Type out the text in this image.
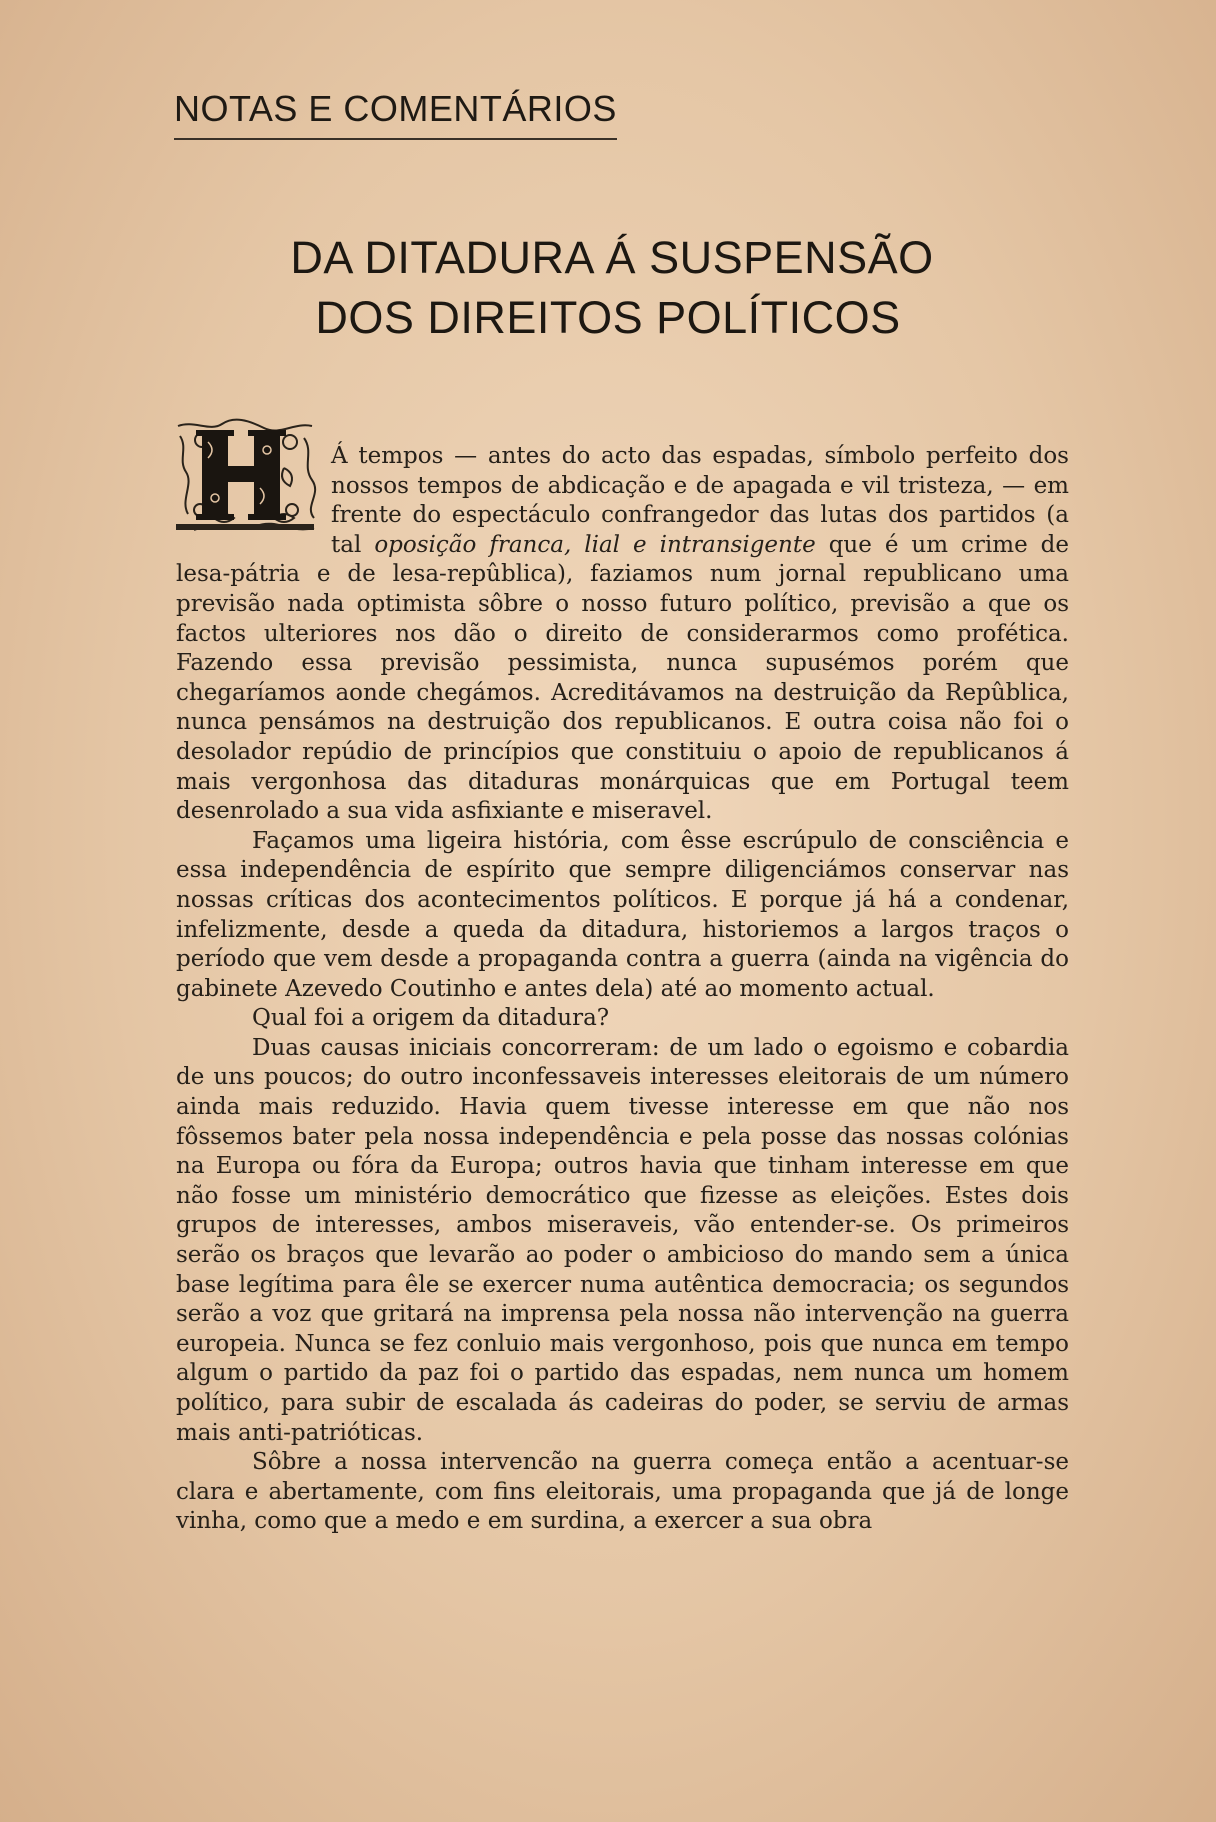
NOTAS E COMENTÁRIOS
DA DITADURA Á SUSPENSÃO
DOS DIREITOS POLÍTICOS

Á tempos — antes do acto das espadas, símbolo perfeito dos nossos tempos de abdicação e de apagada e vil tristeza, — em frente do espectáculo confrangedor das lutas dos partidos (a tal oposição franca, lial e intransigente que é um crime de lesa-pátria e de lesa-repûblica), faziamos num jornal republicano uma previsão nada optimista sôbre o nosso futuro político, previsão a que os factos ulteriores nos dão o direito de considerarmos como profética. Fazendo essa previsão pessimista, nunca supusémos porém que chegaríamos aonde chegámos. Acreditávamos na destruição da Repûblica, nunca pensámos na destruição dos republicanos. E outra coisa não foi o desolador repúdio de princípios que constituiu o apoio de republicanos á mais vergonhosa das ditaduras monárquicas que em Portugal teem desenrolado a sua vida asfixiante e miseravel.

Façamos uma ligeira história, com êsse escrúpulo de consciência e essa independência de espírito que sempre diligenciámos conservar nas nossas críticas dos acontecimentos políticos. E porque já há a condenar, infelizmente, desde a queda da ditadura, historiemos a largos traços o período que vem desde a propaganda contra a guerra (ainda na vigência do gabinete Azevedo Coutinho e antes dela) até ao momento actual.

Qual foi a origem da ditadura?

Duas causas iniciais concorreram: de um lado o egoismo e cobardia de uns poucos; do outro inconfessaveis interesses eleitorais de um número ainda mais reduzido. Havia quem tivesse interesse em que não nos fôssemos bater pela nossa independência e pela posse das nossas colónias na Europa ou fóra da Europa; outros havia que tinham interesse em que não fosse um ministério democrático que fizesse as eleições. Estes dois grupos de interesses, ambos miseraveis, vão entender-se. Os primeiros serão os braços que levarão ao poder o ambicioso do mando sem a única base legítima para êle se exercer numa autêntica democracia; os segundos serão a voz que gritará na imprensa pela nossa não intervenção na guerra europeia. Nunca se fez conluio mais vergonhoso, pois que nunca em tempo algum o partido da paz foi o partido das espadas, nem nunca um homem político, para subir de escalada ás cadeiras do poder, se serviu de armas mais anti-patrióticas.

Sôbre a nossa intervencão na guerra começa então a acentuar-se clara e abertamente, com fins eleitorais, uma propaganda que já de longe vinha, como que a medo e em surdina, a exercer a sua obra
